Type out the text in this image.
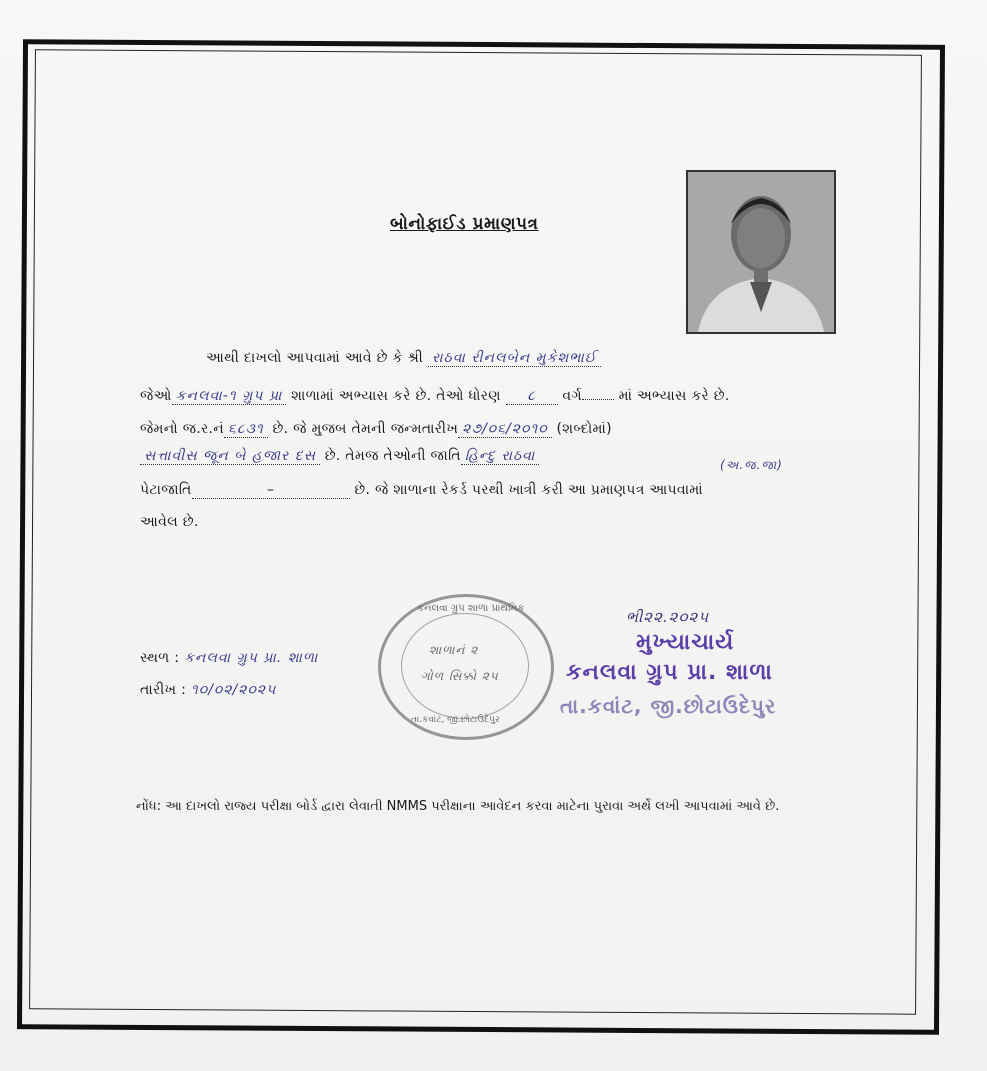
બોનોફાઈડ પ્રમાણપત્ર
આથી દાખલો આપવામાં આવે છે કે શ્રી રાઠવા રીનલબેન મુકેશભાઈ
જેઓ કનલવા-૧ ગ્રુપ પ્રા શાળામાં અભ્યાસ કરે છે. તેઓ ધોરણ ૮ વર્ગ	માં અભ્યાસ કરે છે.
જેમનો જ.ર.નં ૬૮૩૧ છે. જે મુજબ તેમની જન્મતારીખ ૨૭/૦૬/૨૦૧૦ (શબ્દોમાં)
સત્તાવીસ જૂન બે હજાર દસ છે. તેમજ તેઓની જાતિ હિન્દુ રાઠવા
(અ.જ.જા)
પેટાજાતિ	–	છે. જે શાળાના રેકર્ડ પરથી ખાત્રી કરી આ પ્રમાણપત્ર આપવામાં
આવેલ છે.
સ્થળ : કનલવા ગ્રુપ પ્રા. શાળા
તારીખ : ૧૦/૦૨/૨૦૨૫
કનલવા ગ્રુપ શાળા પ્રાથમિક
શાળાનં ૨
ગોળ સિક્કો ૨૫
તા.કવાંટ, જી.છોટાઉદેપુર
ભી૨૨.૨૦૨૫
મુખ્યાચાર્ય
કનલવા ગ્રુપ પ્રા. શાળા
તા.કવાંટ, જી.છોટાઉદેપુર
નોંધ: આ દાખલો રાજ્ય પરીક્ષા બોર્ડ દ્વારા લેવાતી NMMS પરીક્ષાના આવેદન કરવા માટેના પુરાવા અર્થે લખી આપવામાં આવે છે.
